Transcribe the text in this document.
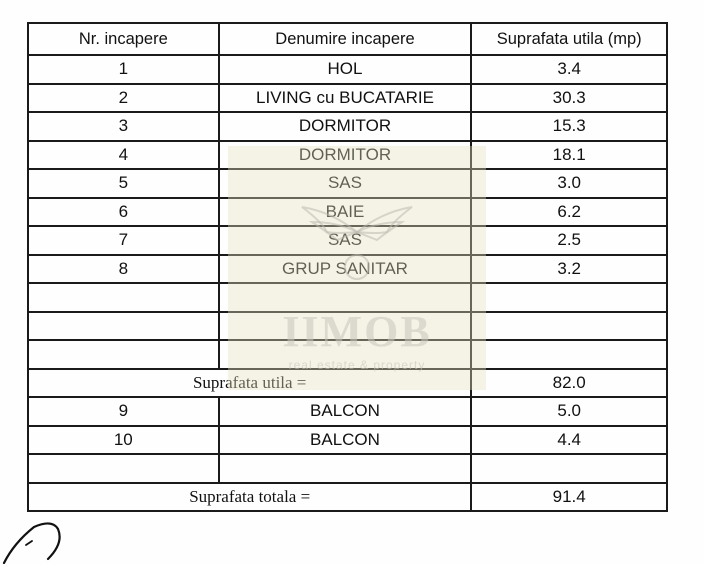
Nr. incapere	Denumire incapere	Suprafata utila (mp)
1	HOL	3.4
2	LIVING cu BUCATARIE	30.3
3	DORMITOR	15.3
4	DORMITOR	18.1
5	SAS	3.0
6	BAIE	6.2
7	SAS	2.5
8	GRUP SANITAR	3.2

Suprafata utila =		82.0
9	BALCON	5.0
10	BALCON	4.4

Suprafata totala =		91.4
IIMOB
real estate & property
